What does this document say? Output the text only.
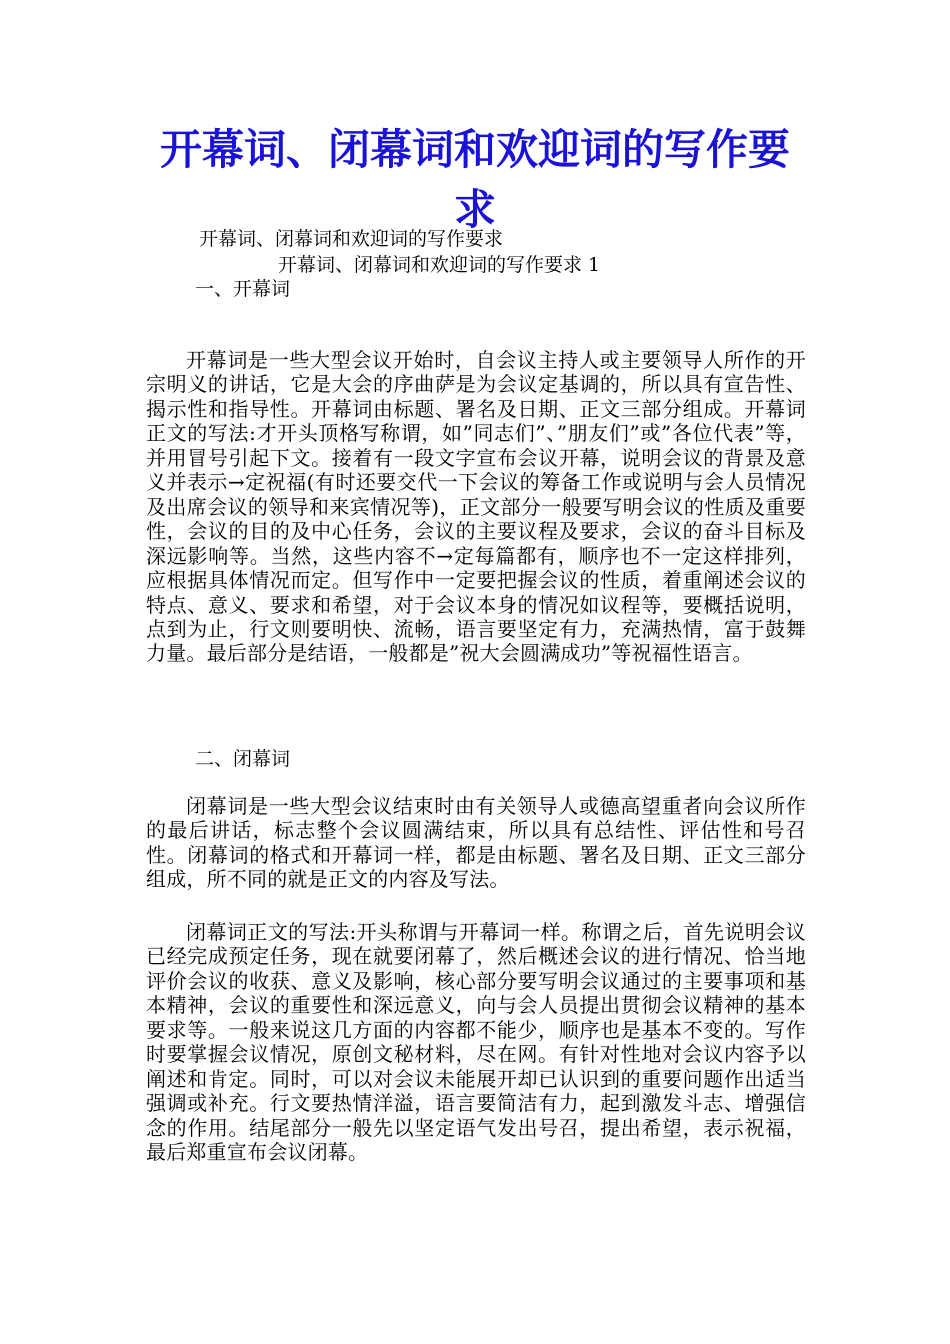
开幕词、闭幕词和欢迎词的写作要求
开幕词、闭幕词和欢迎词的写作要求
开幕词、闭幕词和欢迎词的写作要求 1
一、开幕词

开幕词是一些大型会议开始时，自会议主持人或主要领导人所作的开宗明义的讲话，它是大会的序曲萨是为会议定基调的，所以具有宣告性、揭示性和指导性。开幕词由标题、署名及日期、正文三部分组成。开幕词正文的写法:才开头顶格写称谓，如”同志们”、”朋友们”或”各位代表”等，并用冒号引起下文。接着有一段文字宣布会议开幕，说明会议的背景及意义并表示→定祝福(有时还要交代一下会议的筹备工作或说明与会人员情况及出席会议的领导和来宾情况等)，正文部分一般要写明会议的性质及重要性，会议的目的及中心任务，会议的主要议程及要求，会议的奋斗目标及深远影响等。当然，这些内容不→定每篇都有，顺序也不一定这样排列，应根据具体情况而定。但写作中一定要把握会议的性质，着重阐述会议的特点、意义、要求和希望，对于会议本身的情况如议程等，要概括说明，点到为止，行文则要明快、流畅，语言要坚定有力，充满热情，富于鼓舞力量。最后部分是结语，一般都是”祝大会圆满成功”等祝福性语言。

二、闭幕词

闭幕词是一些大型会议结束时由有关领导人或德高望重者向会议所作的最后讲话，标志整个会议圆满结束，所以具有总结性、评估性和号召性。闭幕词的格式和开幕词一样，都是由标题、署名及日期、正文三部分组成，所不同的就是正文的内容及写法。

闭幕词正文的写法:开头称谓与开幕词一样。称谓之后，首先说明会议已经完成预定任务，现在就要闭幕了，然后概述会议的进行情况、恰当地评价会议的收获、意义及影响，核心部分要写明会议通过的主要事项和基本精神，会议的重要性和深远意义，向与会人员提出贯彻会议精神的基本要求等。一般来说这几方面的内容都不能少，顺序也是基本不变的。写作时要掌握会议情况，原创文秘材料，尽在网。有针对性地对会议内容予以阐述和肯定。同时，可以对会议未能展开却已认识到的重要问题作出适当强调或补充。行文要热情洋溢，语言要简洁有力，起到激发斗志、增强信念的作用。结尾部分一般先以坚定语气发出号召，提出希望，表示祝福，最后郑重宣布会议闭幕。
